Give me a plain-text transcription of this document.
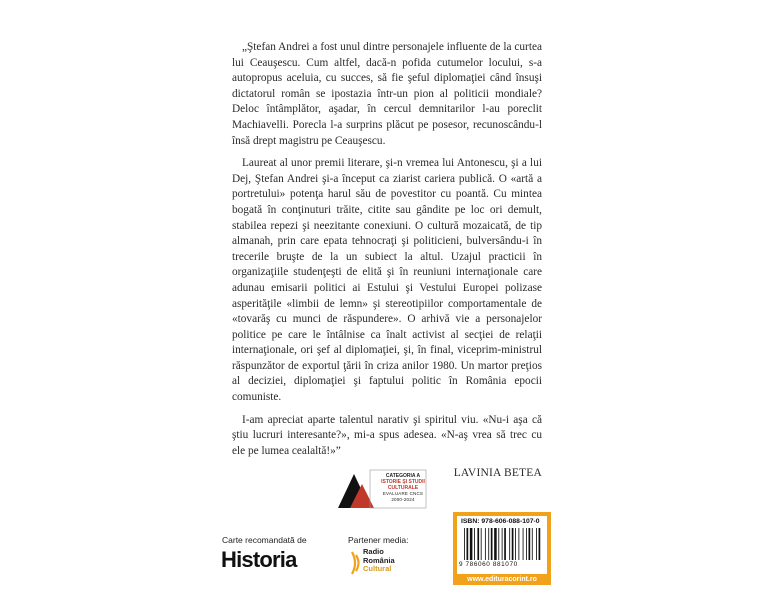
„Ştefan Andrei a fost unul dintre personajele influente de la curtea lui Ceauşescu. Cum altfel, dacă-n pofida cutumelor locului, s-a autopropus aceluia, cu succes, să fie şeful diplomaţiei când însuşi dictatorul român se ipostazia într-un pion al politicii mondiale? Deloc întâmplător, aşadar, în cercul demnitarilor l-au poreclit Machiavelli. Porecla l-a surprins plăcut pe posesor, recunoscându-l însă drept magistru pe Ceauşescu.

Laureat al unor premii literare, şi-n vremea lui Antonescu, şi a lui Dej, Ştefan Andrei şi-a început ca ziarist cariera publică. O «artă a portretului» potenţa harul său de povestitor cu poantă. Cu mintea bogată în conţinuturi trăite, citite sau gândite pe loc ori demult, stabilea repezi şi neezitante conexiuni. O cultură mozaicată, de tip almanah, prin care epata tehnocraţi şi politicieni, bulversându-i în trecerile bruşte de la un subiect la altul. Uzajul practicii în organizaţiile studenţeşti de elită şi în reuniuni internaţionale care adunau emisarii politici ai Estului şi Vestului Europei polizase asperităţile «limbii de lemn» şi stereotipiilor comportamentale de «tovarăş cu munci de răspundere». O arhivă vie a personajelor politice pe care le întâlnise ca înalt activist al secţiei de relaţii internaţionale, ori şef al diplomaţiei, şi, în final, viceprim-ministrul răspunzător de exportul ţării în criza anilor 1980. Un martor preţios al deciziei, diplomaţiei şi faptului politic în România epocii comuniste.

I-am apreciat aparte talentul narativ şi spiritul viu. «Nu-i aşa că ştiu lucruri interesante?», mi-a spus adesea. «N-aş vrea să trec cu ele pe lumea cealaltă!»”

LAVINIA BETEA

CATEGORIA A
ISTORIE ŞI STUDII
CULTURALE
EVALUARE CNCS
2000-2024
Carte recomandată de
Historia
Partener media:
Radio
România
Cultural
ISBN: 978-606-088-107-0
9 786060 881070
www.edituracorint.ro
